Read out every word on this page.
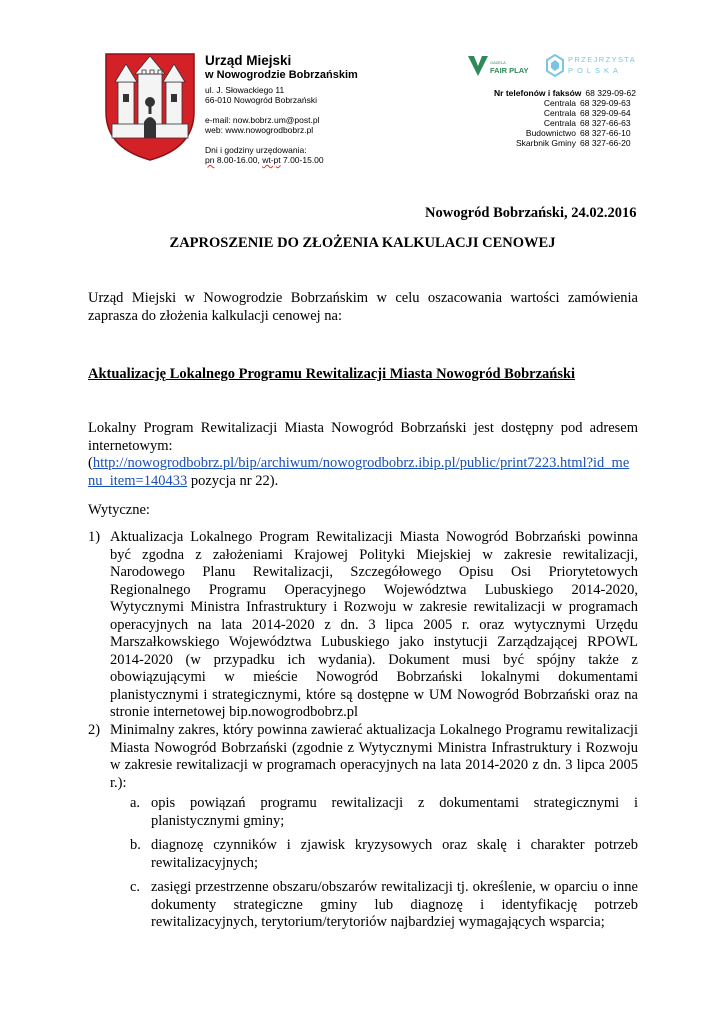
Urząd Miejski
w Nowogrodzie Bobrzańskim
ul. J. Słowackiego 11
66-010 Nowogród Bobrzański
e-mail: now.bobrz.um@post.pl
web: www.nowogrodbobrz.pl
Dni i godziny urzędowania:
pn 8.00-16.00, wt-pt 7.00-15.00
GAZELA
FAIR PLAY
PRZEJRZYSTA
POLSKA
Nr telefonów i faksów 68 329-09-62
Centrala 68 329-09-63
Centrala 68 329-09-64
Centrala 68 327-66-63
Budownictwo 68 327-66-10
Skarbnik Gminy 68 327-66-20
Nowogród Bobrzański, 24.02.2016
ZAPROSZENIE DO ZŁOŻENIA KALKULACJI CENOWEJ
Urząd Miejski w Nowogrodzie Bobrzańskim w celu oszacowania wartości zamówienia zaprasza do złożenia kalkulacji cenowej na:
Aktualizację Lokalnego Programu Rewitalizacji Miasta Nowogród Bobrzański
Lokalny Program Rewitalizacji Miasta Nowogród Bobrzański jest dostępny pod adresem internetowym:
(http://nowogrodbobrz.pl/bip/archiwum/nowogrodbobrz.ibip.pl/public/print7223.html?id_me
nu_item=140433 pozycja nr 22).
Wytyczne:
1) Aktualizacja Lokalnego Program Rewitalizacji Miasta Nowogród Bobrzański powinna być zgodna z założeniami Krajowej Polityki Miejskiej w zakresie rewitalizacji, Narodowego Planu Rewitalizacji, Szczegółowego Opisu Osi Priorytetowych Regionalnego Programu Operacyjnego Województwa Lubuskiego 2014-2020, Wytycznymi Ministra Infrastruktury i Rozwoju w zakresie rewitalizacji w programach operacyjnych na lata 2014-2020 z dn. 3 lipca 2005 r. oraz wytycznymi Urzędu Marszałkowskiego Województwa Lubuskiego jako instytucji Zarządzającej RPOWL 2014-2020 (w przypadku ich wydania). Dokument musi być spójny także z obowiązującymi w mieście Nowogród Bobrzański lokalnymi dokumentami planistycznymi i strategicznymi, które są dostępne w UM Nowogród Bobrzański oraz na stronie internetowej bip.nowogrodbobrz.pl
2) Minimalny zakres, który powinna zawierać aktualizacja Lokalnego Programu rewitalizacji Miasta Nowogród Bobrzański (zgodnie z Wytycznymi Ministra Infrastruktury i Rozwoju w zakresie rewitalizacji w programach operacyjnych na lata 2014-2020 z dn. 3 lipca 2005 r.):
a. opis powiązań programu rewitalizacji z dokumentami strategicznymi i planistycznymi gminy;
b. diagnozę czynników i zjawisk kryzysowych oraz skalę i charakter potrzeb rewitalizacyjnych;
c. zasięgi przestrzenne obszaru/obszarów rewitalizacji tj. określenie, w oparciu o inne dokumenty strategiczne gminy lub diagnozę i identyfikację potrzeb rewitalizacyjnych, terytorium/terytoriów najbardziej wymagających wsparcia;
